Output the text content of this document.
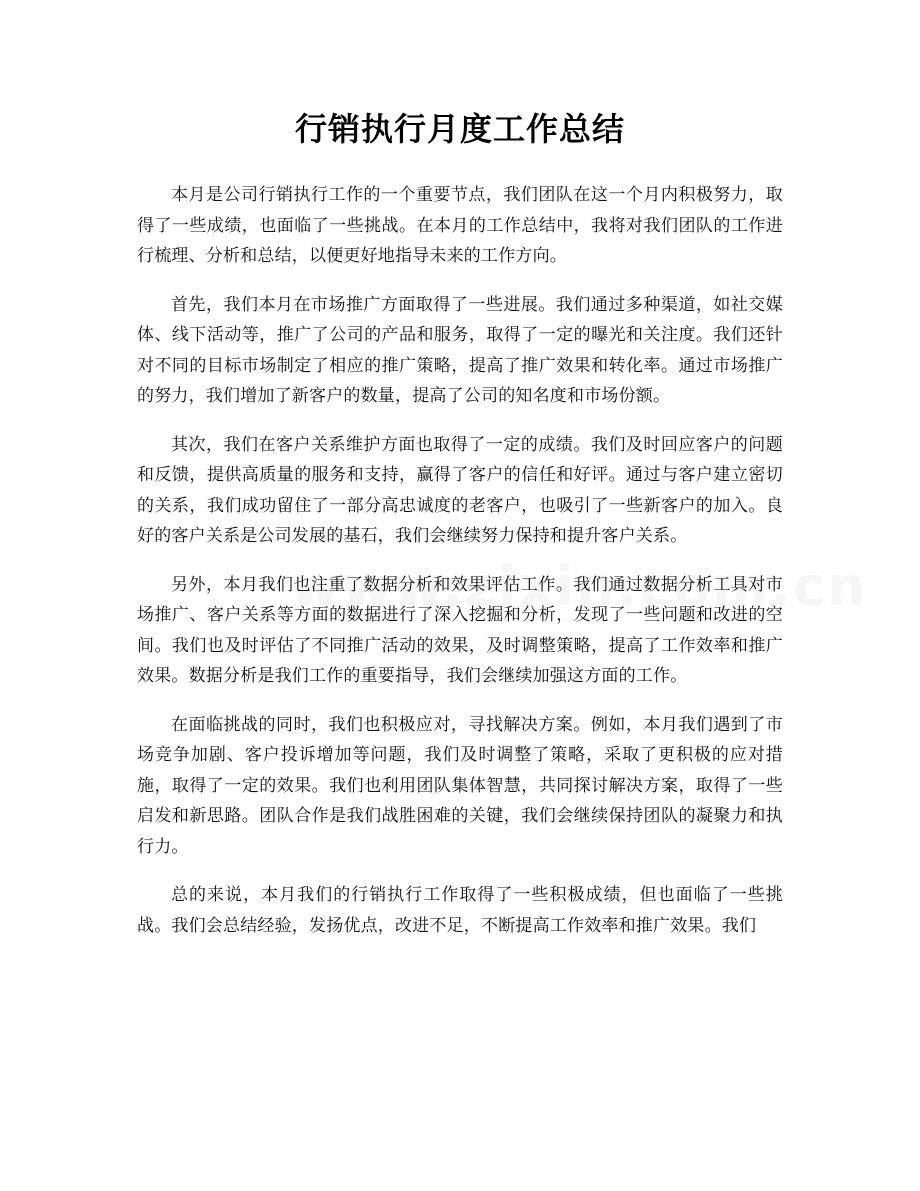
行销执行月度工作总结

本月是公司行销执行工作的一个重要节点，我们团队在这一个月内积极努力，取得了一些成绩，也面临了一些挑战。在本月的工作总结中，我将对我们团队的工作进行梳理、分析和总结，以便更好地指导未来的工作方向。

首先，我们本月在市场推广方面取得了一些进展。我们通过多种渠道，如社交媒体、线下活动等，推广了公司的产品和服务，取得了一定的曝光和关注度。我们还针对不同的目标市场制定了相应的推广策略，提高了推广效果和转化率。通过市场推广的努力，我们增加了新客户的数量，提高了公司的知名度和市场份额。

其次，我们在客户关系维护方面也取得了一定的成绩。我们及时回应客户的问题和反馈，提供高质量的服务和支持，赢得了客户的信任和好评。通过与客户建立密切的关系，我们成功留住了一部分高忠诚度的老客户，也吸引了一些新客户的加入。良好的客户关系是公司发展的基石，我们会继续努力保持和提升客户关系。

另外，本月我们也注重了数据分析和效果评估工作。我们通过数据分析工具对市场推广、客户关系等方面的数据进行了深入挖掘和分析，发现了一些问题和改进的空间。我们也及时评估了不同推广活动的效果，及时调整策略，提高了工作效率和推广效果。数据分析是我们工作的重要指导，我们会继续加强这方面的工作。

在面临挑战的同时，我们也积极应对，寻找解决方案。例如，本月我们遇到了市场竞争加剧、客户投诉增加等问题，我们及时调整了策略，采取了更积极的应对措施，取得了一定的效果。我们也利用团队集体智慧，共同探讨解决方案，取得了一些启发和新思路。团队合作是我们战胜困难的关键，我们会继续保持团队的凝聚力和执行力。

总的来说，本月我们的行销执行工作取得了一些积极成绩，但也面临了一些挑战。我们会总结经验，发扬优点，改进不足，不断提高工作效率和推广效果。我们
